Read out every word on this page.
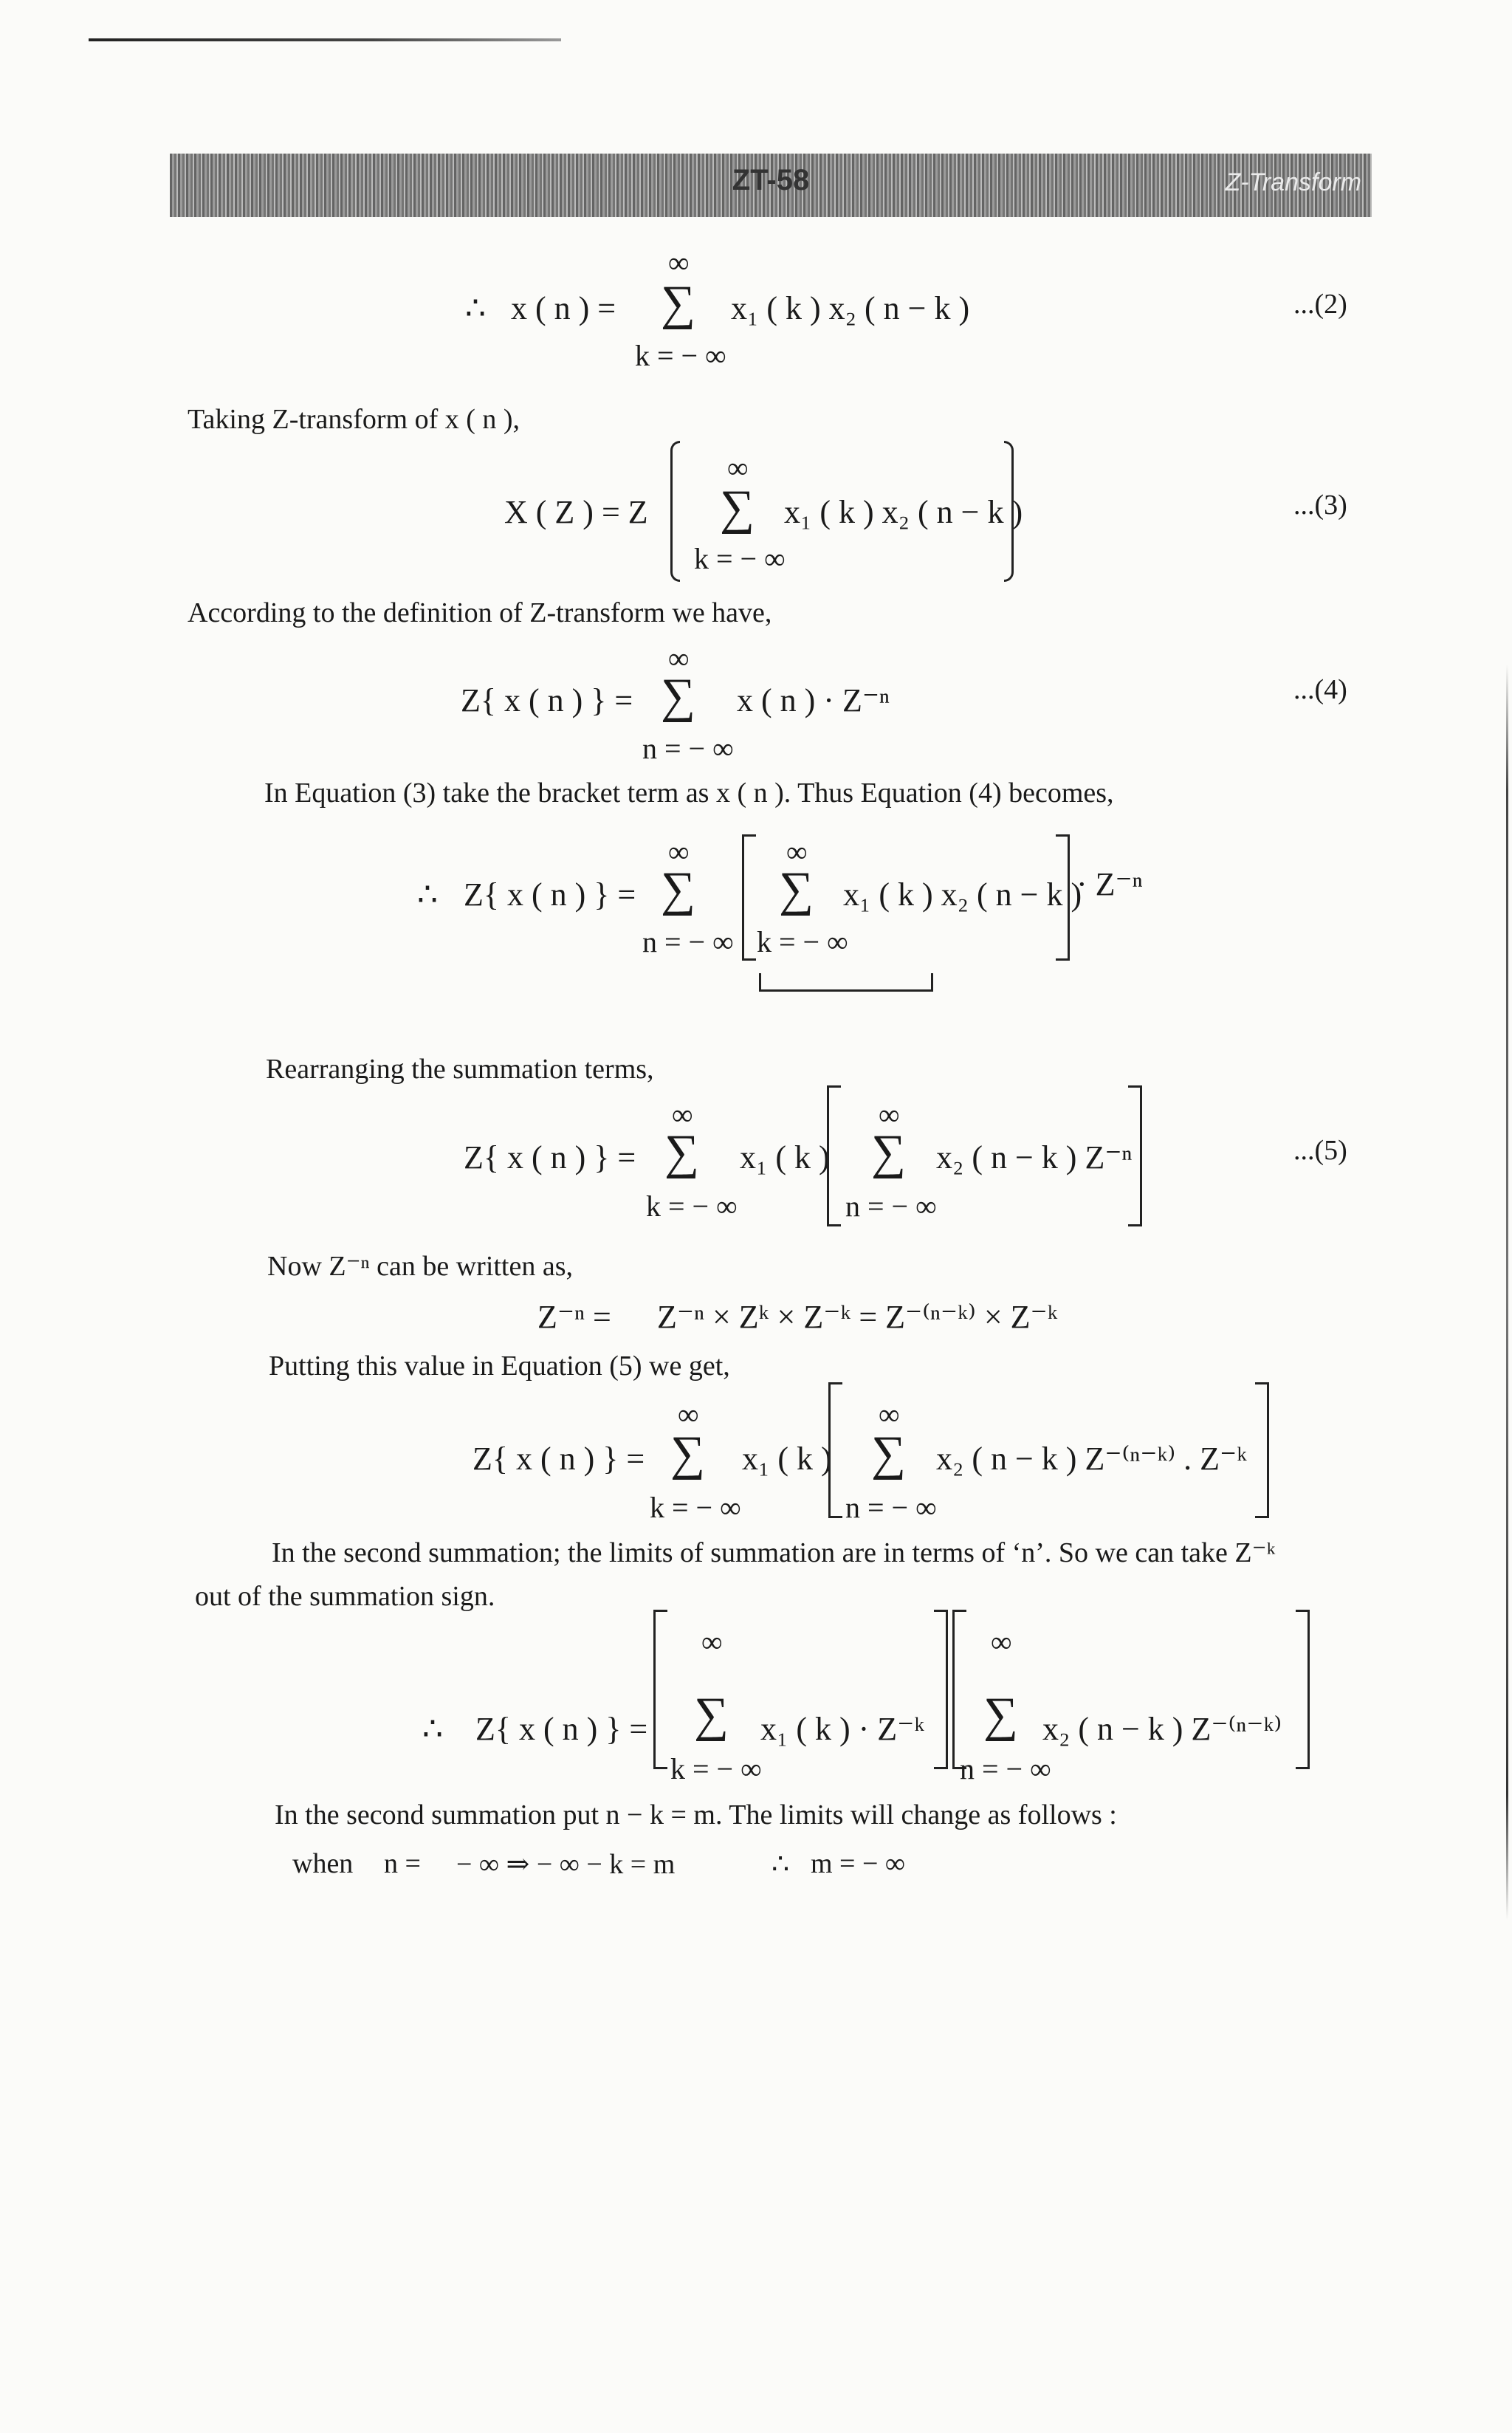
ZT-58	Z-Transform
∴ x ( n ) =
∞
∑
k = − ∞
x₁ ( k ) x₂ ( n − k )	...(2)
Taking Z-transform of x ( n ),
X ( Z ) = Z
∞
∑
k = − ∞
x₁ ( k ) x₂ ( n − k )	...(3)
According to the definition of Z-transform we have,
Z{ x ( n ) } =
∞
∑
n = − ∞
x ( n ) · Z⁻ⁿ	...(4)
In Equation (3) take the bracket term as x ( n ). Thus Equation (4) becomes,
∴ Z{ x ( n ) } =
∞
∑
n = − ∞
∞
∑
k = − ∞
x₁ ( k ) x₂ ( n − k )
· Z⁻ⁿ
Rearranging the summation terms,
Z{ x ( n ) } =
∞
∑
k = − ∞
x₁ ( k )
∞
∑
n = − ∞
x₂ ( n − k ) Z⁻ⁿ	...(5)
Now Z⁻ⁿ can be written as,
Z⁻ⁿ = Z⁻ⁿ × Zᵏ × Z⁻ᵏ = Z⁻⁽ⁿ⁻ᵏ⁾ × Z⁻ᵏ
Putting this value in Equation (5) we get,
Z{ x ( n ) } =
∞
∑
k = − ∞
x₁ ( k )
∞
∑
n = − ∞
x₂ ( n − k ) Z⁻⁽ⁿ⁻ᵏ⁾ . Z⁻ᵏ
In the second summation; the limits of summation are in terms of ‘n’. So we can take Z⁻ᵏ
out of the summation sign.
∴ Z{ x ( n ) } =
∞
∑
k = − ∞
x₁ ( k ) · Z⁻ᵏ
∞
∑
n = − ∞
x₂ ( n − k ) Z⁻⁽ⁿ⁻ᵏ⁾
In the second summation put n − k = m. The limits will change as follows :
when n = − ∞ ⇒ − ∞ − k = m	∴ m = − ∞
